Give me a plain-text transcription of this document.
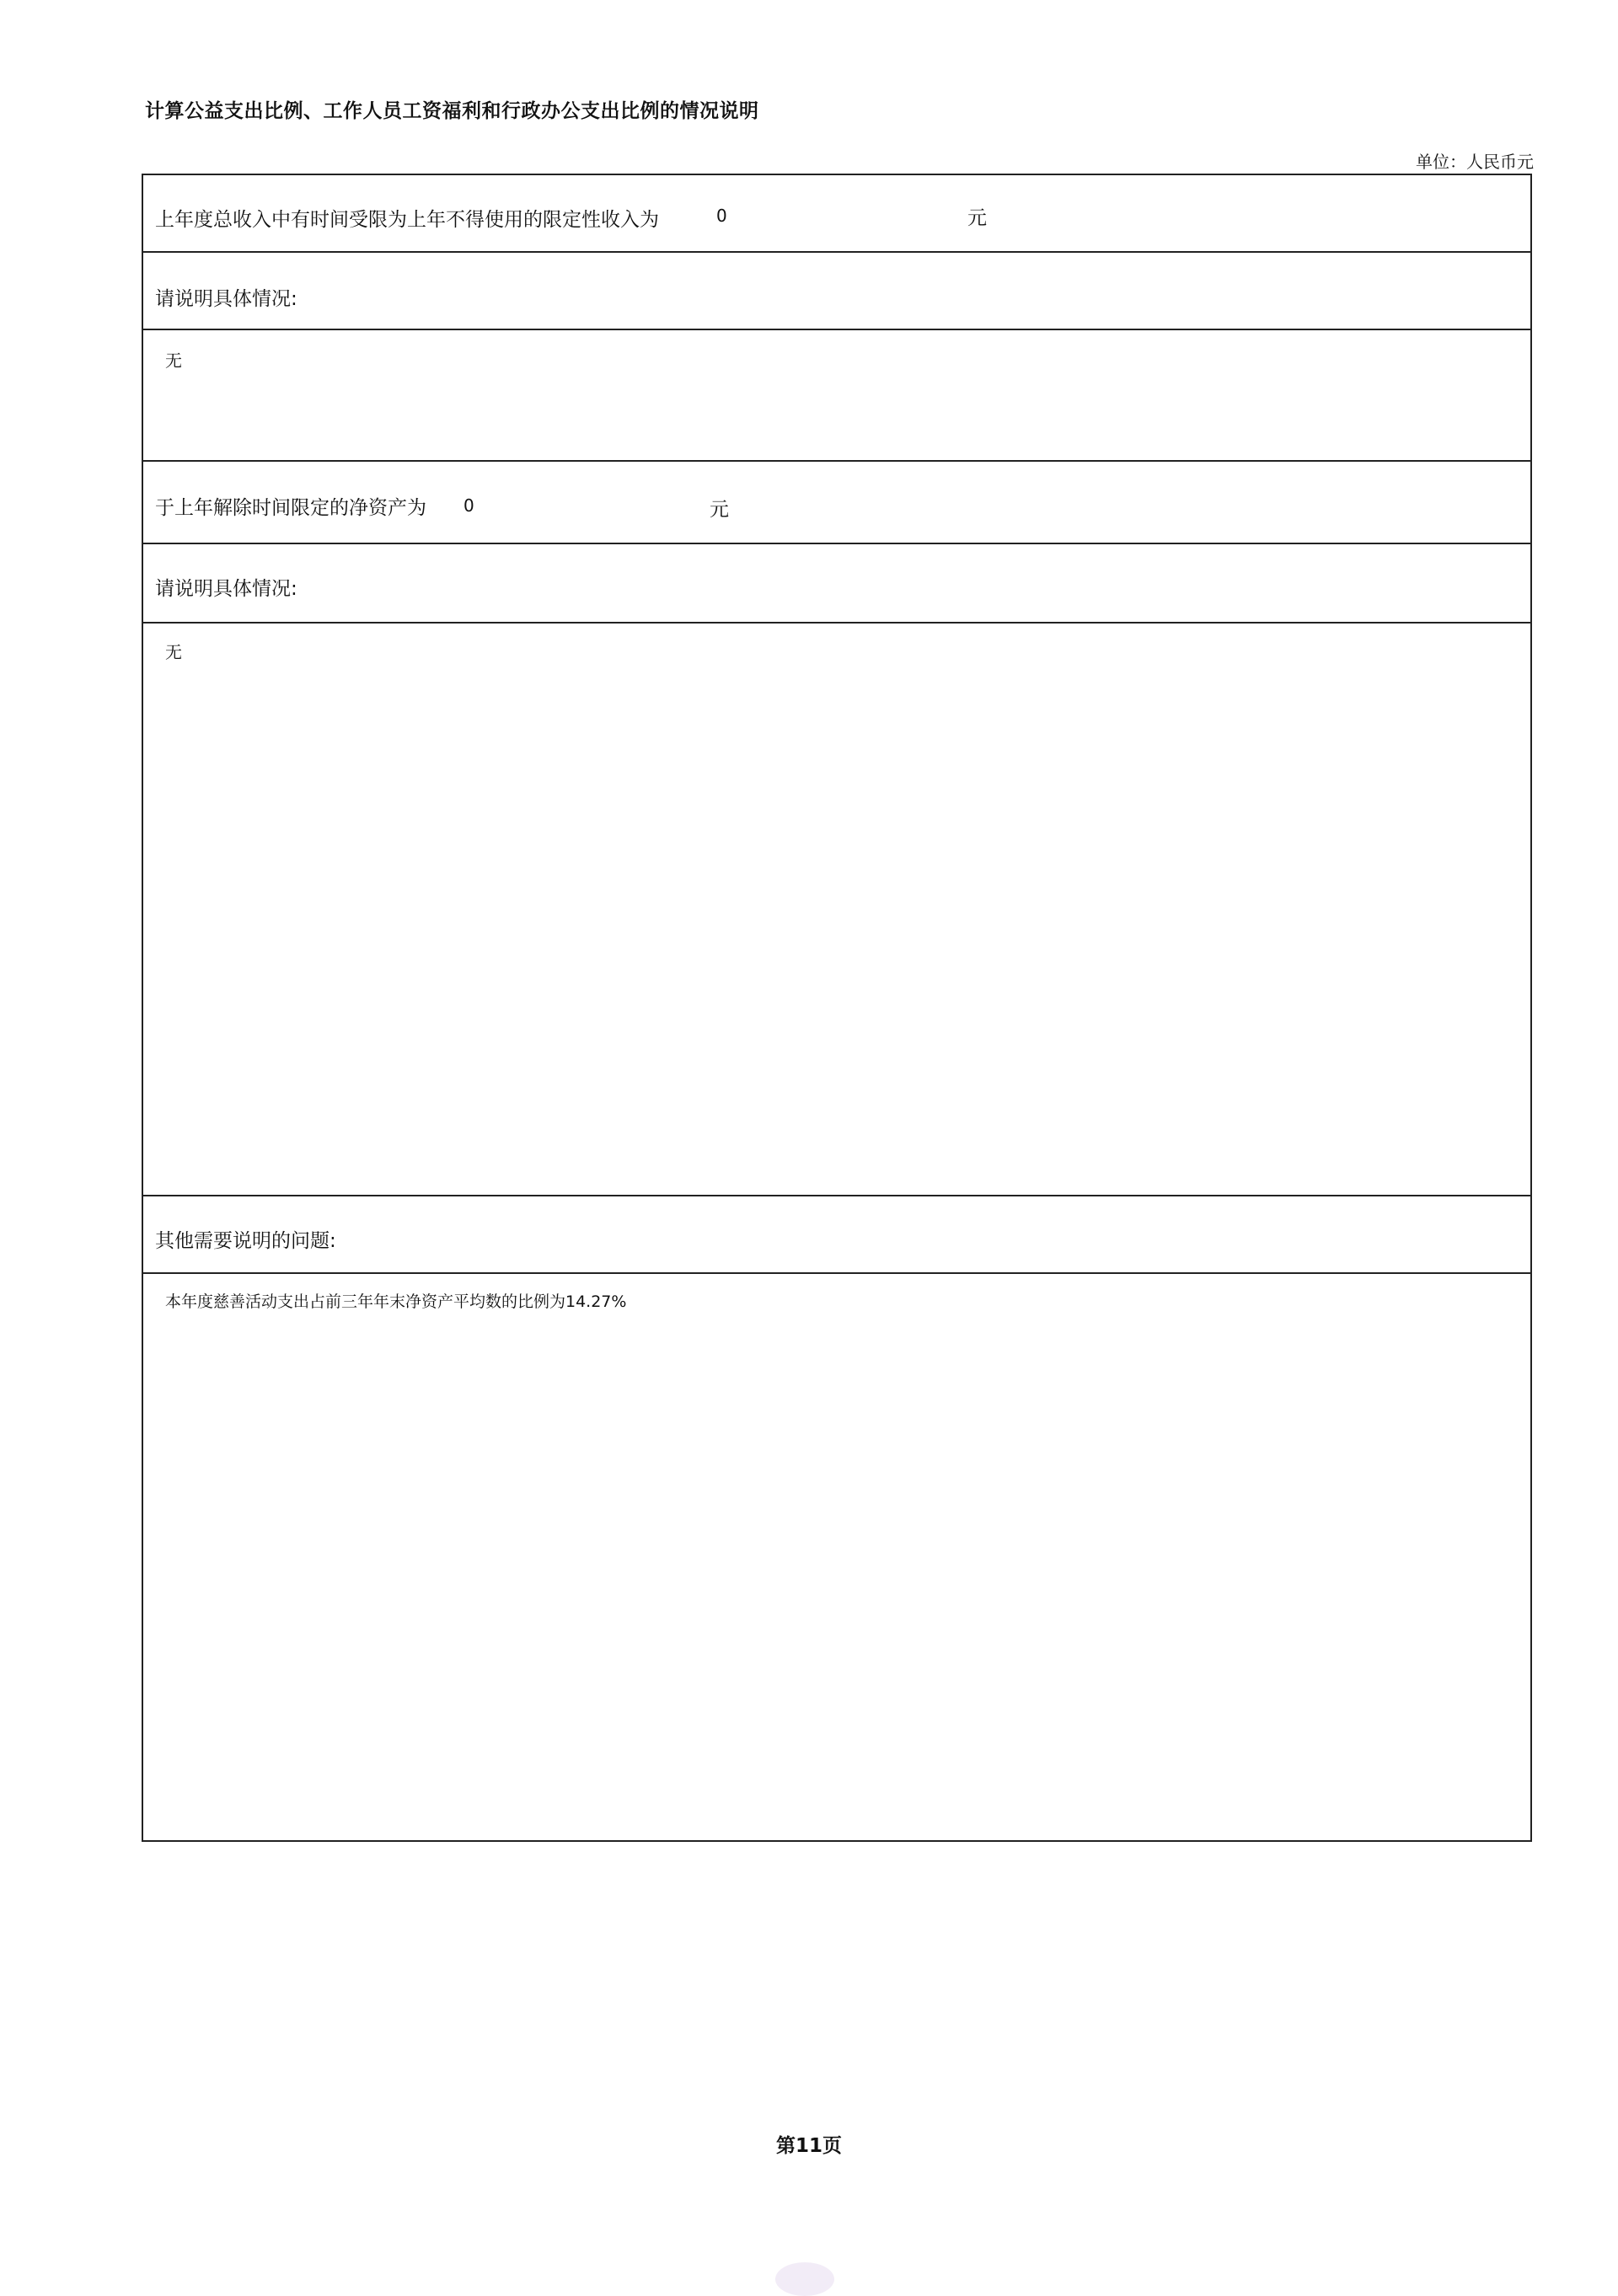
计算公益支出比例、工作人员工资福利和行政办公支出比例的情况说明
单位：人民币元
上年度总收入中有时间受限为上年不得使用的限定性收入为	0	元
请说明具体情况:
无
于上年解除时间限定的净资产为 0	元
请说明具体情况:
无
其他需要说明的问题:
本年度慈善活动支出占前三年年末净资产平均数的比例为14.27%
第11页
